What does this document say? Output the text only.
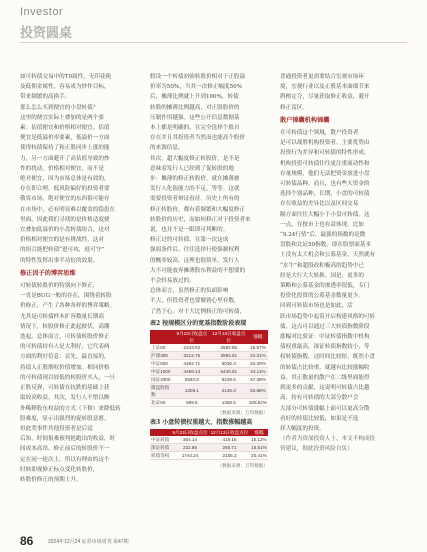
Investor
投资圆桌
如可转债交易中的T0属性，无印花税
及低佣金属性，容易成为炒作目标，
带来频繁的高换手。
那么怎么买到便宜的小盘转债？
这里的便宜实际上叠加的是两个要
素：估值便宜和价格相对便宜。估值
便宜是低溢价率要素，低溢价一方面
使得转债保持了和正股同步上涨的能
力，另一方面避开了高估值导致的炒
作的扰动。价格相对便宜，而不是
绝对便宜，因为市场总体是有效的，
存在即合理。低风险偏好的投资者要
敬畏市场，绝对便宜的东西很可能存
在市场中，必有明显难以覆盖的隐患在
里面。因此我们寻找的是价格适度便
宜叠加低溢价的小盘转债组合，这对
价格相对便宜的是有挑战性，这对
的组合能把转债“进可攻，退可守”
的特性发挥出事半功倍的效果。
修正因子的博弈思维
可转债转股价的特别向下修正，
一直是BUG一般的存在，围绕着转股
价修正，产生了各种各样的博弈策略。
尤其是可转债样本扩容数量长期高
情况下，转股价修正此起彼伏，高潮
迭起。总体而言，可转债转股价修正
的可转债持有人是大利好，它代表两
方面的利好信息：首先，最直接的，
持债人正股期权价值增加。相同价格
的可转债现以较低的转股价买入，一旦
正股反弹，可转债在抗跌的基础上获
取较高收益。其次，发行人不惜以额
外稀释股东权益的方式（下修）来降低转
股难度，显示出强烈的促转股意愿。
但此类事件其他投资者是后觉
后知，时间很难预判抢跑出的收益，时
间成本高昂。修正前后的转股价不一
定在同一轮次上，所以有理由的这个
时候即视修正标点变化转股价，
转股价修正的预期上升。
假设一个转债初始转股价相对于正股溢
价率为50%，当其一次修正幅度50%
后，摊薄比例就上升到100%，转债
转股的摊薄比例越高，对正股股价的
压制作用越强。这些公开信息数据基
本上都是明确的，在完全选择个股自
存在并且其投资者当然而也能高个股价
的来源信息。
其次，超大幅度修正转股价，是不是
意味着发行人已经到了促转股的地
步：摊薄的修正转股价，就在摊薄被
发行人化债能力的不足，等等。这就
需要投资者辩证看待。历史上所有的
修正转股价，都有着频繁和大幅度修正
转股价的历史，而如何修正对于投资者来
说，也并不是一眼即可判断的。
修正过的可转债，在第一次这成
强弱条件后，往往选择行使强制权利
的概率较高。这理也很简单，发行人
大不可能放弃摊薄股东利益的不想要的
不会轻易放过的。
总体而言，虽然修正的负面影响
不大，但投资者也要做到心里有数，
了然于心。对于大比例修正的可转债，
表2 按规模区分的宽基指数阶段表现
	9月23日收盘点位	12月13日收盘点位	涨幅
上证50	2243.02	2682.85	19.57%
沪深300	3212.76	3993.51	24.31%
中证500	4494.71	6036.3	34.30%
中证1000	4469.13	6440.51	44.11%
国证2000	5582.8	8228.5	47.39%
微盘股指数	1309.1	2145.3	63.88%
北证50	599.6	1358.5	109.82%
（数据来源：万得数据）
表3 小盘转债权重越大，指数涨幅越高
	9月23日收盘点位	12月13日收盘点位	涨幅
中证转债	364.14	419.15	15.12%
深证转债	232.86	285.71	18.51%
转债等权	1744.24	2155.3	20.41%
（数据来源：万得数据）
普通投资者更需要结合宏观市场环
境，宏观行业以及正股基本面细节来
斟酌定夺，尽量获取修正收益，避开
修正雷区。
散户锦囊机构锦囊
在可转债这个领域，散户投资者
是可以战胜机构投资者。主要优势由
投资行为差异和可转债的特性形成。
机构投资可转债往往更注重流动性和
存量规模，他们无法把资金放进小盘
可转债品种，而且，也有些大资金的
选择个别品种，长期，小盘的可转债
存在收益的差异比以及区间交易
隔方面往往大幅小于小盘可转债。这
一点，在按市上也有益体现。比如
“9.24行情”后，最强的指数的是微
盘股和北证50指数，即在股票面基本
上没有太大机会和公募基金，天然就有
“水牛”和超股改积极高的趋势中已
经是大行大大转换。国是，更多的
策略和公募基金的渗透率很低，专门
投资化投资的公募基金数量更少。
回到可转债市场也是如此，活
跃市场趋势中起着开启构建风格的可转
债，这点可以通过三大转债指数阶段
涨幅对比验证：中证转债指数中机构
债权重最高，深证转债指数较小，等
权转债指数，这时间比较短，既然小盘
的转债占比较重，就越有比较涨幅收
益，其正数量的散户在二级里面能得
到更多的贡献，这说明可转债占比越
高，持有可转债的大部分散户会
大部分可转债涨幅上面可以更高分散
看好的持债比较低，如果是不选
择大幅度的投资。
（作者为资深投资人士，本文不构成投
资建议，据此投资风险自负）
86	2024年12月24 证券市场周刊 第47期
